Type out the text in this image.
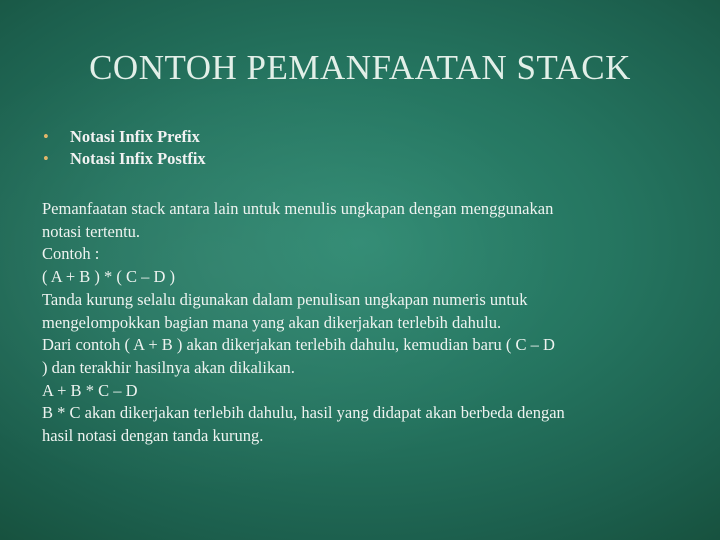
CONTOH PEMANFAATAN STACK
• Notasi Infix Prefix
• Notasi Infix Postfix
Pemanfaatan stack antara lain untuk menulis ungkapan dengan menggunakan
notasi tertentu.
Contoh :
( A + B ) * ( C – D )
Tanda kurung selalu digunakan dalam penulisan ungkapan numeris untuk
mengelompokkan bagian mana yang akan dikerjakan terlebih dahulu.
Dari contoh ( A + B ) akan dikerjakan terlebih dahulu, kemudian baru ( C – D
) dan terakhir hasilnya akan dikalikan.
A + B * C – D
B * C akan dikerjakan terlebih dahulu, hasil yang didapat akan berbeda dengan
hasil notasi dengan tanda kurung.
